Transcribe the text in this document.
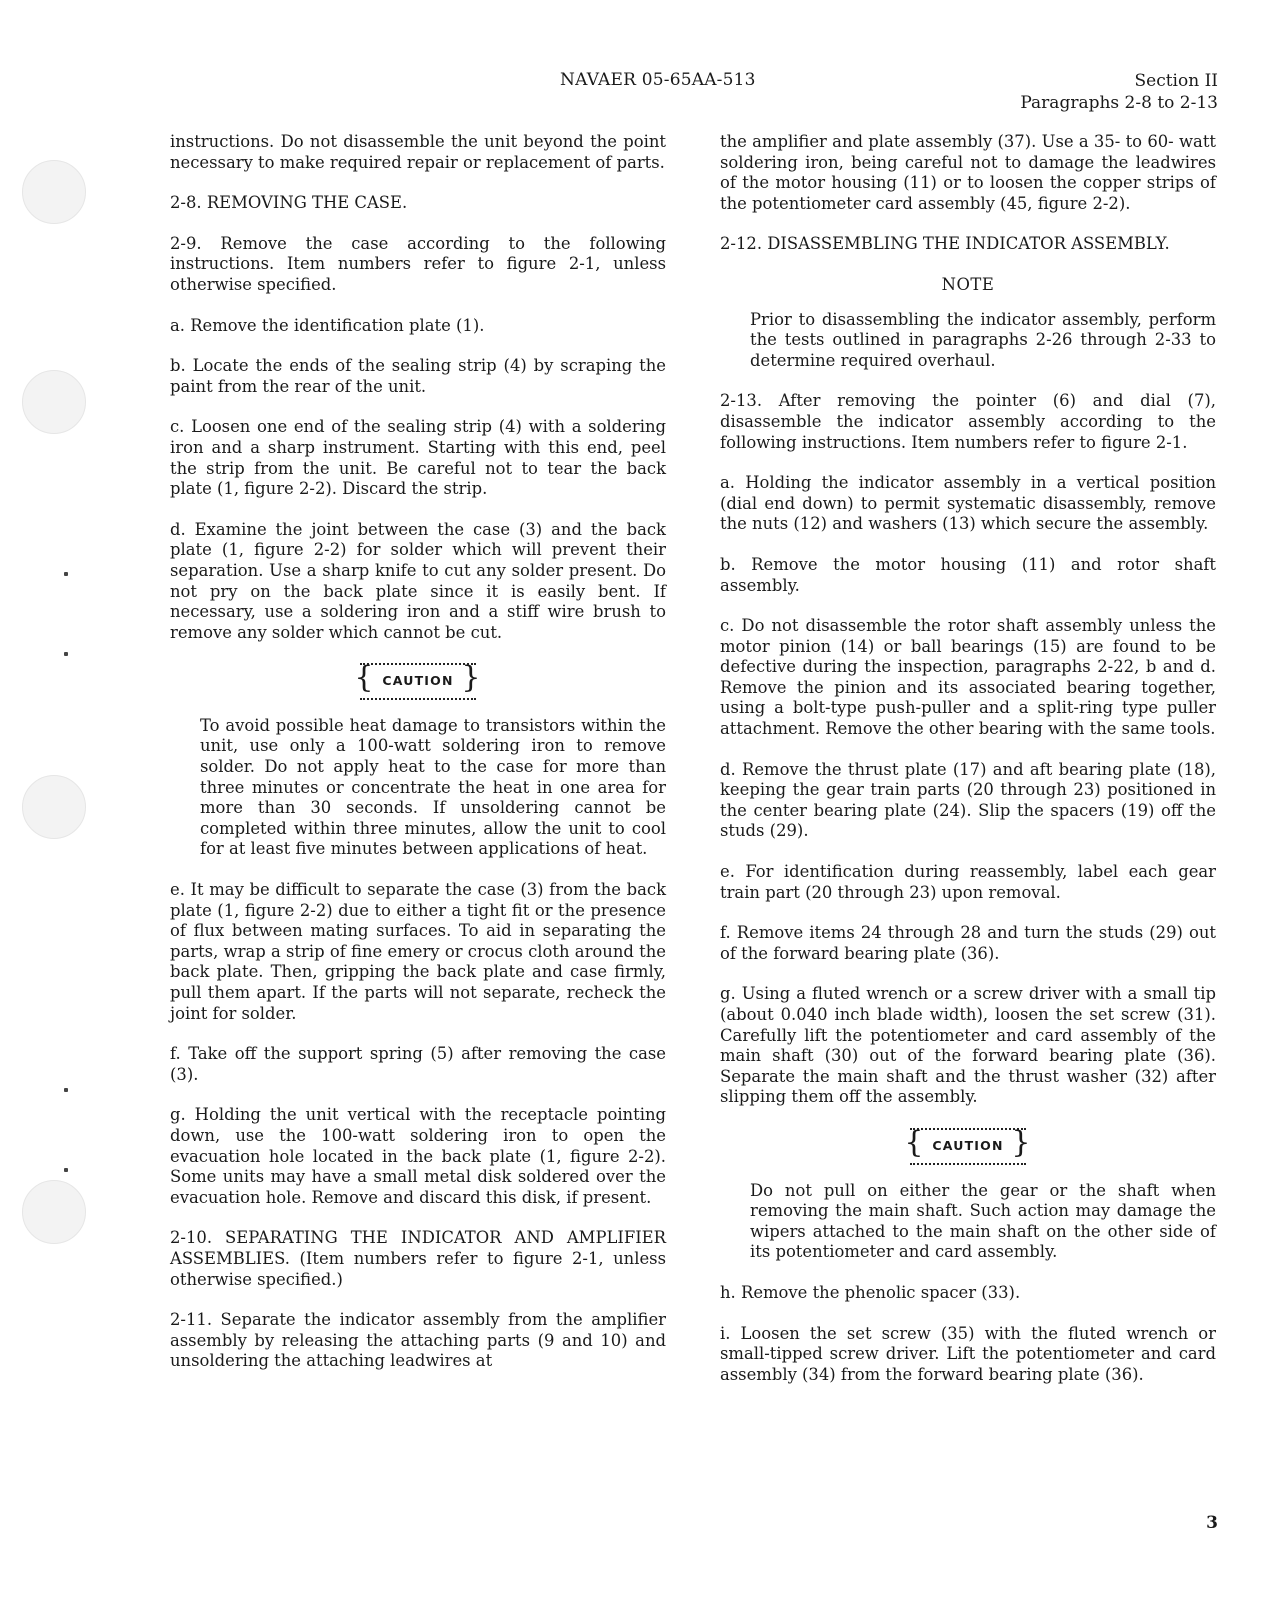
NAVAER 05-65AA-513	Section II
Paragraphs 2-8 to 2-13

instructions. Do not disassemble the unit beyond the point necessary to make required repair or replacement of parts.

2-8. REMOVING THE CASE.

2-9. Remove the case according to the following instructions. Item numbers refer to figure 2-1, unless otherwise specified.

a. Remove the identification plate (1).

b. Locate the ends of the sealing strip (4) by scraping the paint from the rear of the unit.

c. Loosen one end of the sealing strip (4) with a soldering iron and a sharp instrument. Starting with this end, peel the strip from the unit. Be careful not to tear the back plate (1, figure 2-2). Discard the strip.

d. Examine the joint between the case (3) and the back plate (1, figure 2-2) for solder which will prevent their separation. Use a sharp knife to cut any solder present. Do not pry on the back plate since it is easily bent. If necessary, use a soldering iron and a stiff wire brush to remove any solder which cannot be cut.

{ CAUTION }
To avoid possible heat damage to transistors within the unit, use only a 100-watt soldering iron to remove solder. Do not apply heat to the case for more than three minutes or concentrate the heat in one area for more than 30 seconds. If unsoldering cannot be completed within three minutes, allow the unit to cool for at least five minutes between applications of heat.

e. It may be difficult to separate the case (3) from the back plate (1, figure 2-2) due to either a tight fit or the presence of flux between mating surfaces. To aid in separating the parts, wrap a strip of fine emery or crocus cloth around the back plate. Then, gripping the back plate and case firmly, pull them apart. If the parts will not separate, recheck the joint for solder.

f. Take off the support spring (5) after removing the case (3).

g. Holding the unit vertical with the receptacle pointing down, use the 100-watt soldering iron to open the evacuation hole located in the back plate (1, figure 2-2). Some units may have a small metal disk soldered over the evacuation hole. Remove and discard this disk, if present.

2-10. SEPARATING THE INDICATOR AND AMPLIFIER ASSEMBLIES. (Item numbers refer to figure 2-1, unless otherwise specified.)

2-11. Separate the indicator assembly from the amplifier assembly by releasing the attaching parts (9 and 10) and unsoldering the attaching leadwires at

the amplifier and plate assembly (37). Use a 35- to 60- watt soldering iron, being careful not to damage the leadwires of the motor housing (11) or to loosen the copper strips of the potentiometer card assembly (45, figure 2-2).

2-12. DISASSEMBLING THE INDICATOR ASSEMBLY.

NOTE
Prior to disassembling the indicator assembly, perform the tests outlined in paragraphs 2-26 through 2-33 to determine required overhaul.

2-13. After removing the pointer (6) and dial (7), disassemble the indicator assembly according to the following instructions. Item numbers refer to figure 2-1.

a. Holding the indicator assembly in a vertical position (dial end down) to permit systematic disassembly, remove the nuts (12) and washers (13) which secure the assembly.

b. Remove the motor housing (11) and rotor shaft assembly.

c. Do not disassemble the rotor shaft assembly unless the motor pinion (14) or ball bearings (15) are found to be defective during the inspection, paragraphs 2-22, b and d. Remove the pinion and its associated bearing together, using a bolt-type push-puller and a split-ring type puller attachment. Remove the other bearing with the same tools.

d. Remove the thrust plate (17) and aft bearing plate (18), keeping the gear train parts (20 through 23) positioned in the center bearing plate (24). Slip the spacers (19) off the studs (29).

e. For identification during reassembly, label each gear train part (20 through 23) upon removal.

f. Remove items 24 through 28 and turn the studs (29) out of the forward bearing plate (36).

g. Using a fluted wrench or a screw driver with a small tip (about 0.040 inch blade width), loosen the set screw (31). Carefully lift the potentiometer and card assembly of the main shaft (30) out of the forward bearing plate (36). Separate the main shaft and the thrust washer (32) after slipping them off the assembly.

{ CAUTION }
Do not pull on either the gear or the shaft when removing the main shaft. Such action may damage the wipers attached to the main shaft on the other side of its potentiometer and card assembly.

h. Remove the phenolic spacer (33).

i. Loosen the set screw (35) with the fluted wrench or small-tipped screw driver. Lift the potentiometer and card assembly (34) from the forward bearing plate (36).

3
